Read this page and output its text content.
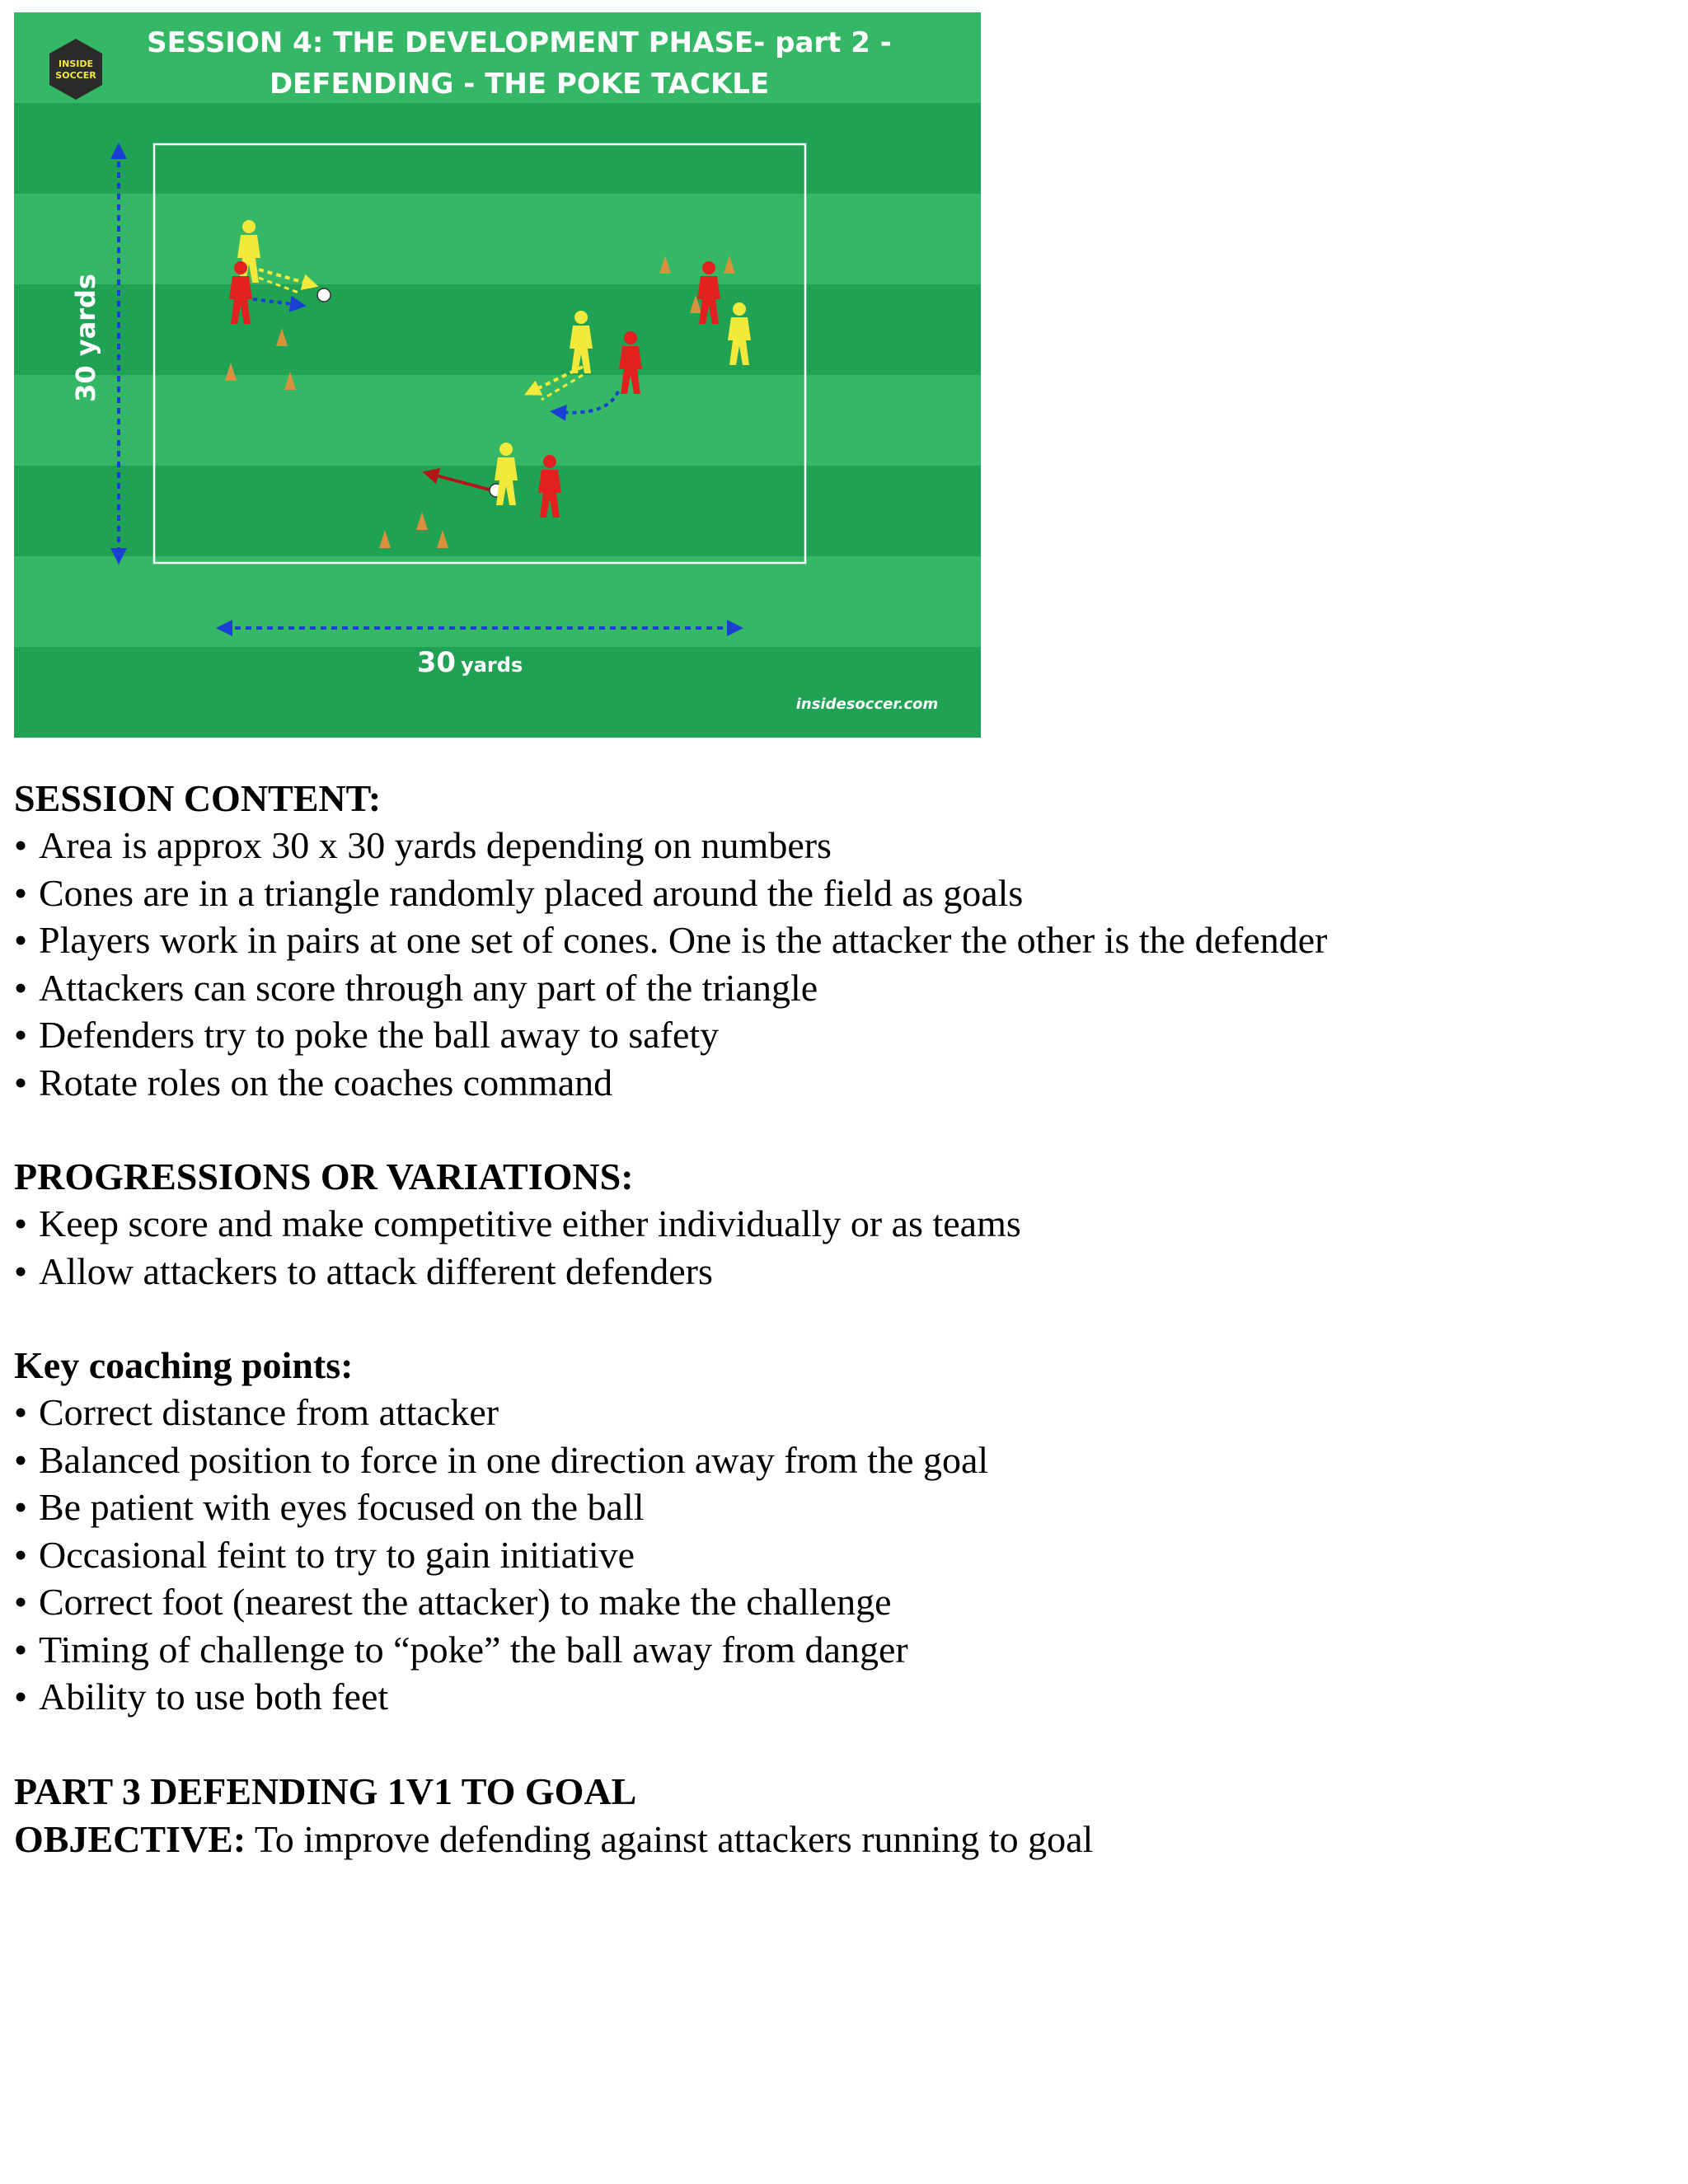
INSIDE
SOCCER
SESSION 4: THE DEVELOPMENT PHASE- part 2 -
DEFENDING - THE POKE TACKLE
30 yards
30 yards
insidesoccer.com

SESSION CONTENT:

• Area is approx 30 x 30 yards depending on numbers
• Cones are in a triangle randomly placed around the field as goals
• Players work in pairs at one set of cones. One is the attacker the other is the defender
• Attackers can score through any part of the triangle
• Defenders try to poke the ball away to safety
• Rotate roles on the coaches command

PROGRESSIONS OR VARIATIONS:

• Keep score and make competitive either individually or as teams
• Allow attackers to attack different defenders

Key coaching points:

• Correct distance from attacker
• Balanced position to force in one direction away from the goal
• Be patient with eyes focused on the ball
• Occasional feint to try to gain initiative
• Correct foot (nearest the attacker) to make the challenge
• Timing of challenge to “poke” the ball away from danger
• Ability to use both feet

PART 3 DEFENDING 1V1 TO GOAL

OBJECTIVE: To improve defending against attackers running to goal
